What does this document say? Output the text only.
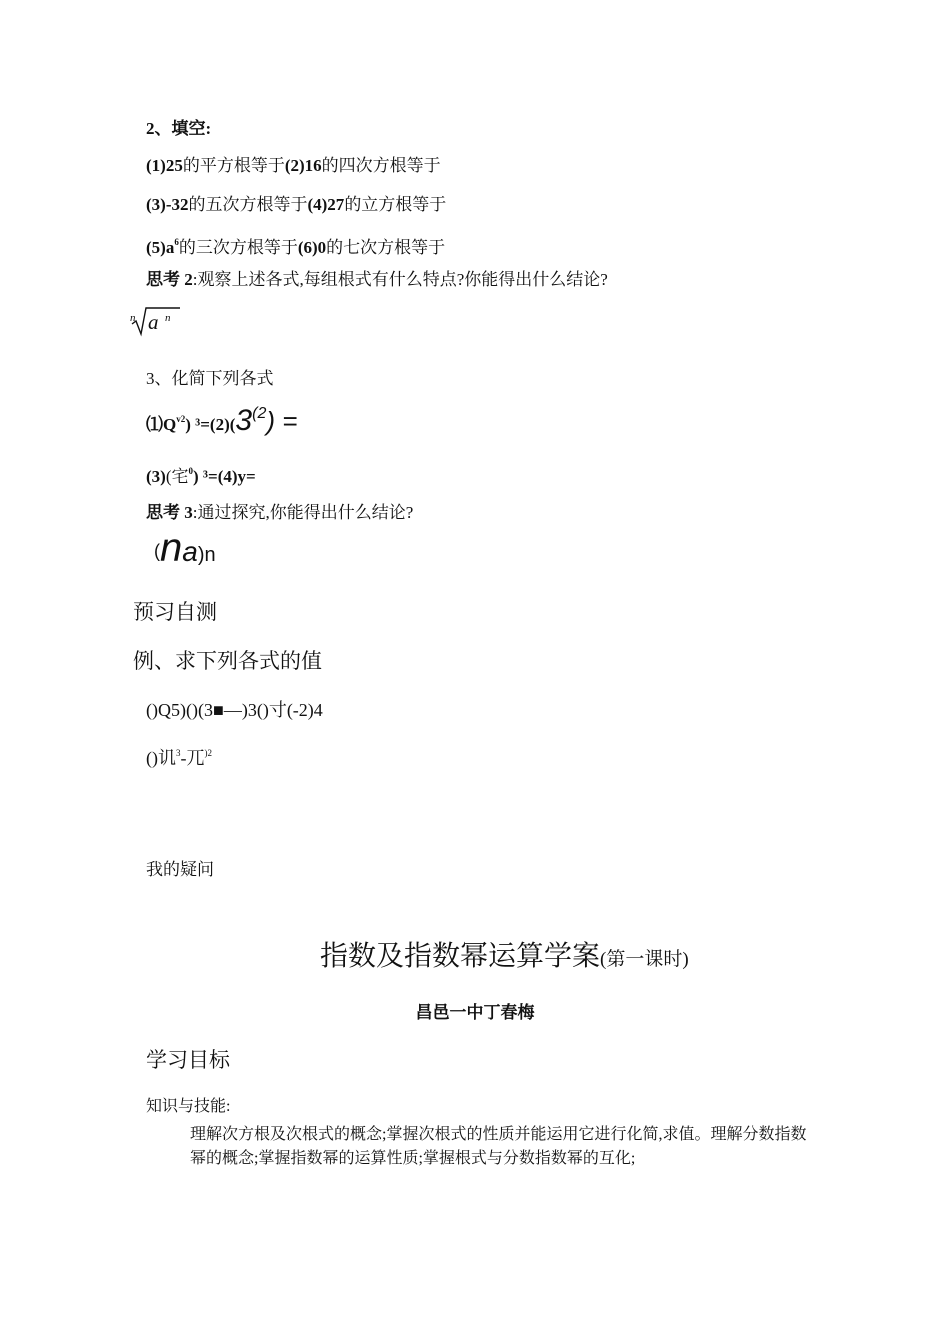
2、填空:
(1)25的平方根等于(2)16的四次方根等于
(3)-32的五次方根等于(4)27的立方根等于
$(5)a^6$的三次方根等于(6)0的七次方根等于
思考 2:观察上述各式,每组根式有什么特点?你能得出什么结论?
n a n
3、化简下列各式
$⑴Q^{v2}$) $^3=(2)(3^{(2})$ =
(3)(宅$^0$) ³=(4)y=
思考 3:通过探究,你能得出什么结论?
(na)n
预习自测
例、求下列各式的值
()Q5)()(3■—)3()寸(-2)4
()讥$^3$-兀$^{)2}$
我的疑问
指数及指数幂运算学案(第一课时)
昌邑一中丁春梅
学习目标
知识与技能:
理解次方根及次根式的概念;掌握次根式的性质并能运用它进行化简,求值。理解分数指数幂的概念;掌握指数幂的运算性质;掌握根式与分数指数幂的互化;
